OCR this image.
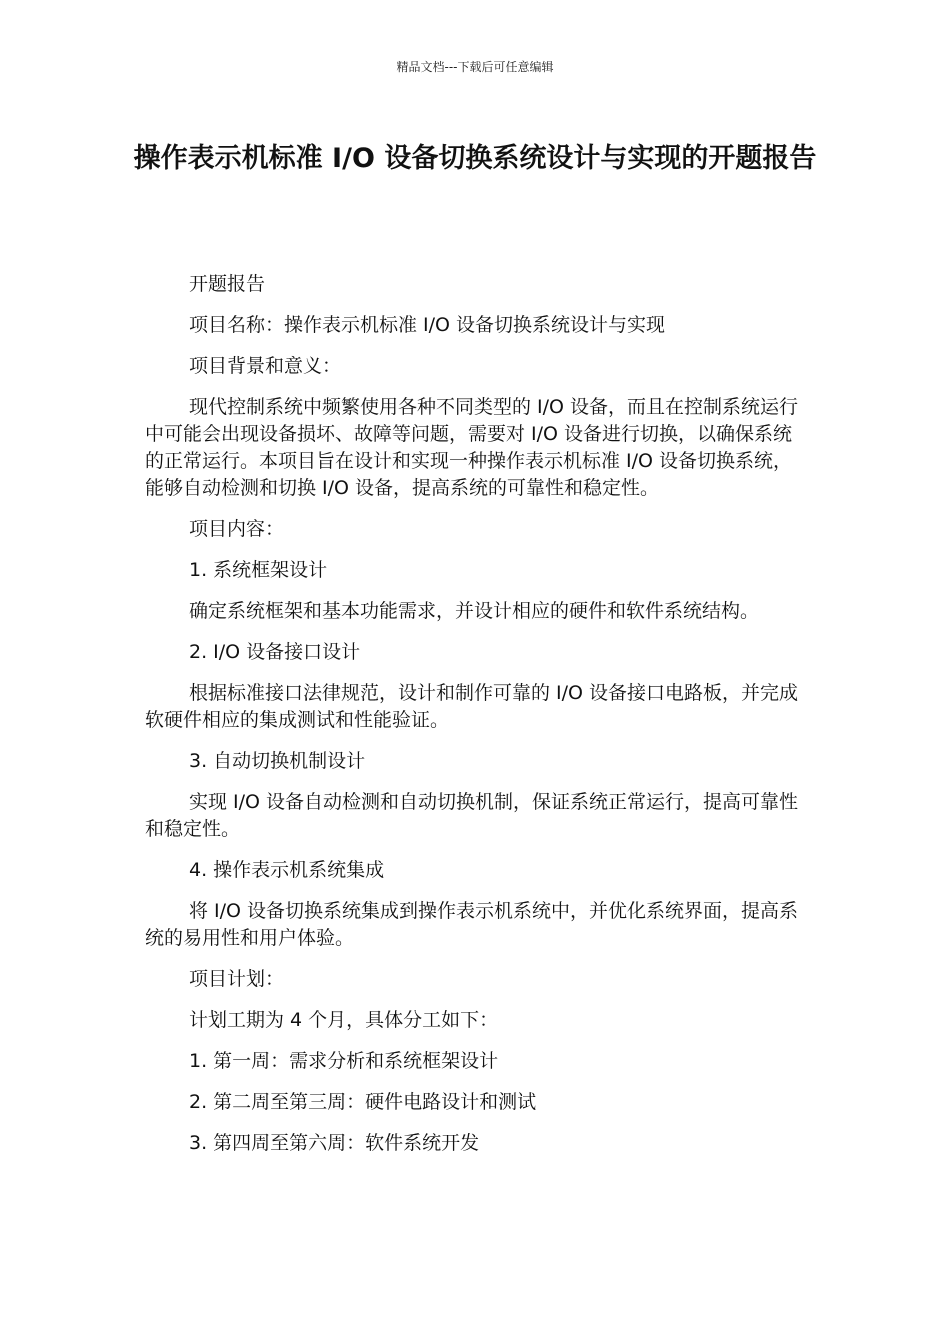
精品文档---下载后可任意编辑
操作表示机标准 I/O 设备切换系统设计与实现的开题报告

开题报告

项目名称：操作表示机标准 I/O 设备切换系统设计与实现

项目背景和意义：

现代控制系统中频繁使用各种不同类型的 I/O 设备，而且在控制系统运行中可能会出现设备损坏、故障等问题，需要对 I/O 设备进行切换，以确保系统的正常运行。本项目旨在设计和实现一种操作表示机标准 I/O 设备切换系统，能够自动检测和切换 I/O 设备，提高系统的可靠性和稳定性。

项目内容：

1. 系统框架设计

确定系统框架和基本功能需求，并设计相应的硬件和软件系统结构。

2. I/O 设备接口设计

根据标准接口法律规范，设计和制作可靠的 I/O 设备接口电路板，并完成软硬件相应的集成测试和性能验证。

3. 自动切换机制设计

实现 I/O 设备自动检测和自动切换机制，保证系统正常运行，提高可靠性和稳定性。

4. 操作表示机系统集成

将 I/O 设备切换系统集成到操作表示机系统中，并优化系统界面，提高系统的易用性和用户体验。

项目计划：

计划工期为 4 个月，具体分工如下：

1. 第一周：需求分析和系统框架设计

2. 第二周至第三周：硬件电路设计和测试

3. 第四周至第六周：软件系统开发
